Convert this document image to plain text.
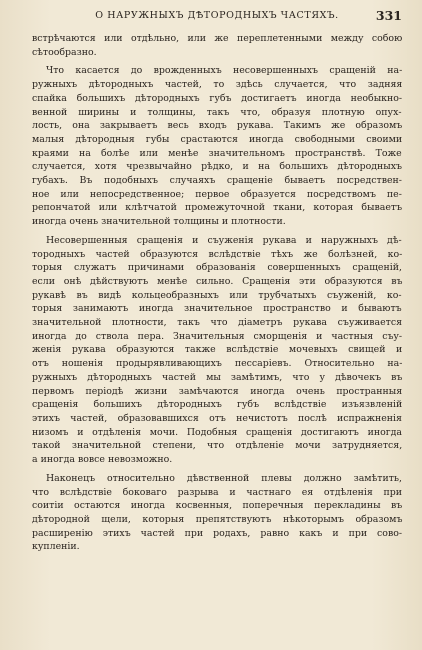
О НАРУЖНЫХЪ ДѢТОРОДНЫХЪ ЧАСТЯХЪ.	331

встрѣчаются или отдѣльно, или же переплетенными между собою
сѣтообразно.

Что касается до врожденныхъ несовершенныхъ сращеній на-
ружныхъ дѣтородныхъ частей, то здѣсь случается, что задняя
спайка большихъ дѣтородныхъ губъ достигаетъ иногда необыкно-
венной ширины и толщины, такъ что, образуя плотную опух-
лость, она закрываетъ весь входъ рукава. Такимъ же образомъ
малыя дѣтородныя губы срастаются иногда свободными своими
краями на болѣе или менѣе значительномъ пространствѣ. Тоже
случается, хотя чрезвычайно рѣдко, и на большихъ дѣтородныхъ
губахъ. Въ подобныхъ случаяхъ сращеніе бываетъ посредствен-
ное или непосредственное; первое образуется посредствомъ пе-
репончатой или клѣтчатой промежуточной ткани, которая бываетъ
иногда очень значительной толщины и плотности.

Несовершенныя сращенія и съуженія рукава и наружныхъ дѣ-
тородныхъ частей образуются вслѣдствіе тѣхъ же болѣзней, ко-
торыя служатъ причинами образованія совершенныхъ сращеній,
если онѣ дѣйствуютъ менѣе сильно. Сращенія эти образуются въ
рукавѣ въ видѣ кольцеобразныхъ или трубчатыхъ съуженій, ко-
торыя занимаютъ иногда значительное пространство и бываютъ
значительной плотности, такъ что діаметръ рукава съуживается
иногда до ствола пера. Значительныя сморщенія и частныя съу-
женія рукава образуются также вслѣдствіе мочевыхъ свищей и
отъ ношенія продырявливающихъ пессаріевъ. Относительно на-
ружныхъ дѣтородныхъ частей мы замѣтимъ, что у дѣвочекъ въ
первомъ періодѣ жизни замѣчаются иногда очень пространныя
сращенія большихъ дѣтородныхъ губъ вслѣдствіе изъязвленій
этихъ частей, образовавшихся отъ нечистотъ послѣ испражненія
низомъ и отдѣленія мочи. Подобныя сращенія достигаютъ иногда
такой значительной степени, что отдѣленіе мочи затрудняется,
а иногда вовсе невозможно.

Наконецъ относительно дѣвственной плевы должно замѣтить,
что вслѣдствіе боковаго разрыва и частнаго ея отдѣленія при
соитіи остаются иногда косвенныя, поперечныя перекладины въ
дѣтородной щели, которыя препятствуютъ нѣкоторымъ образомъ
расширенію этихъ частей при родахъ, равно какъ и при сово-
купленіи.
